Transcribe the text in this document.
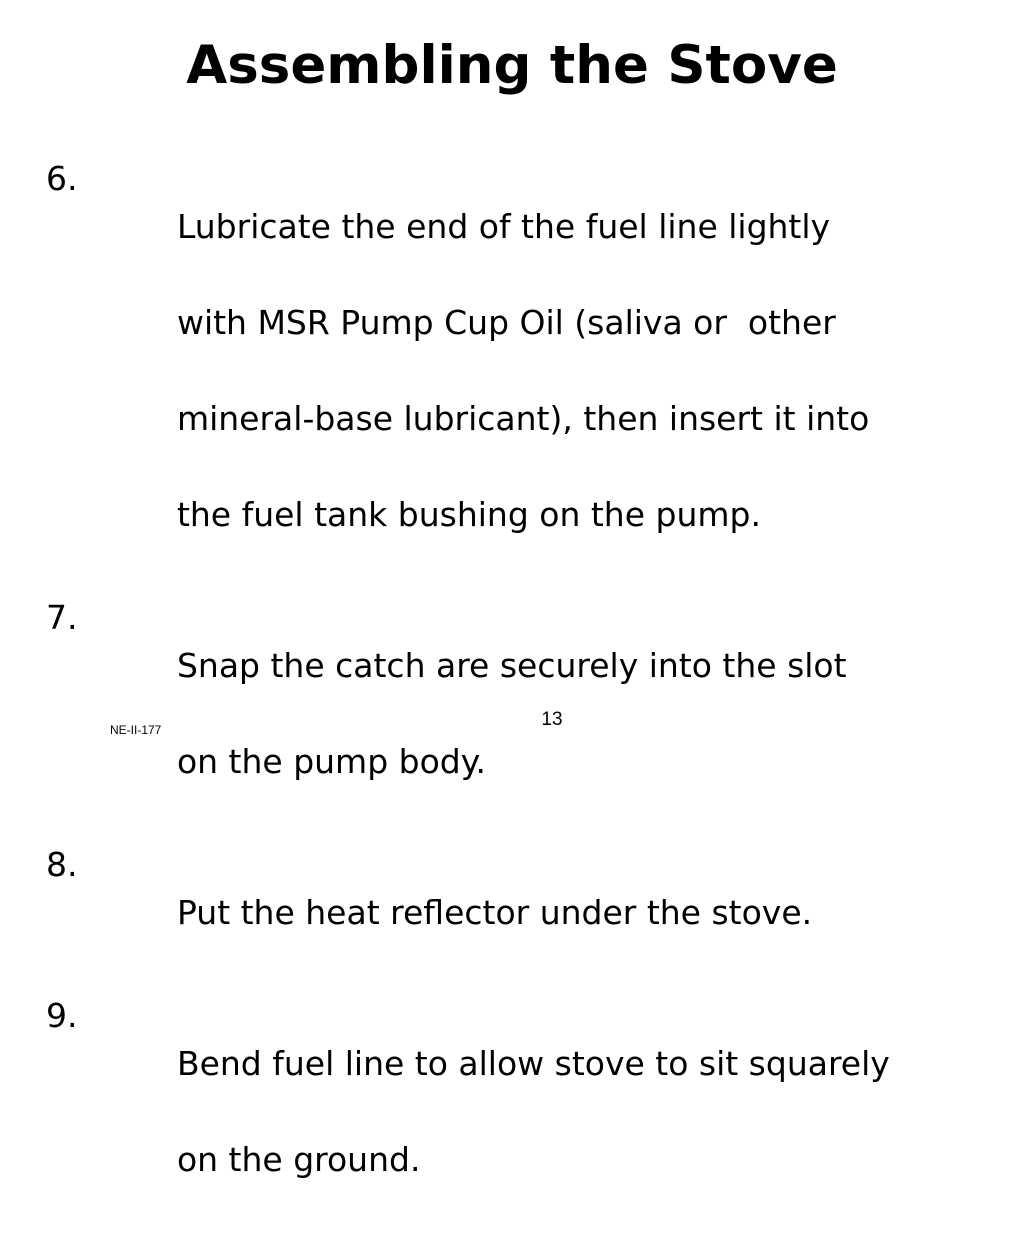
Assembling the Stove
6.

Lubricate the end of the fuel line lightly

with MSR Pump Cup Oil (saliva or  other

mineral-base lubricant), then insert it into

the fuel tank bushing on the pump.

7.

Snap the catch are securely into the slot

on the pump body.

8.

Put the heat reflector under the stove.

9.

Bend fuel line to allow stove to sit squarely

on the ground.

NE-II-177	13
